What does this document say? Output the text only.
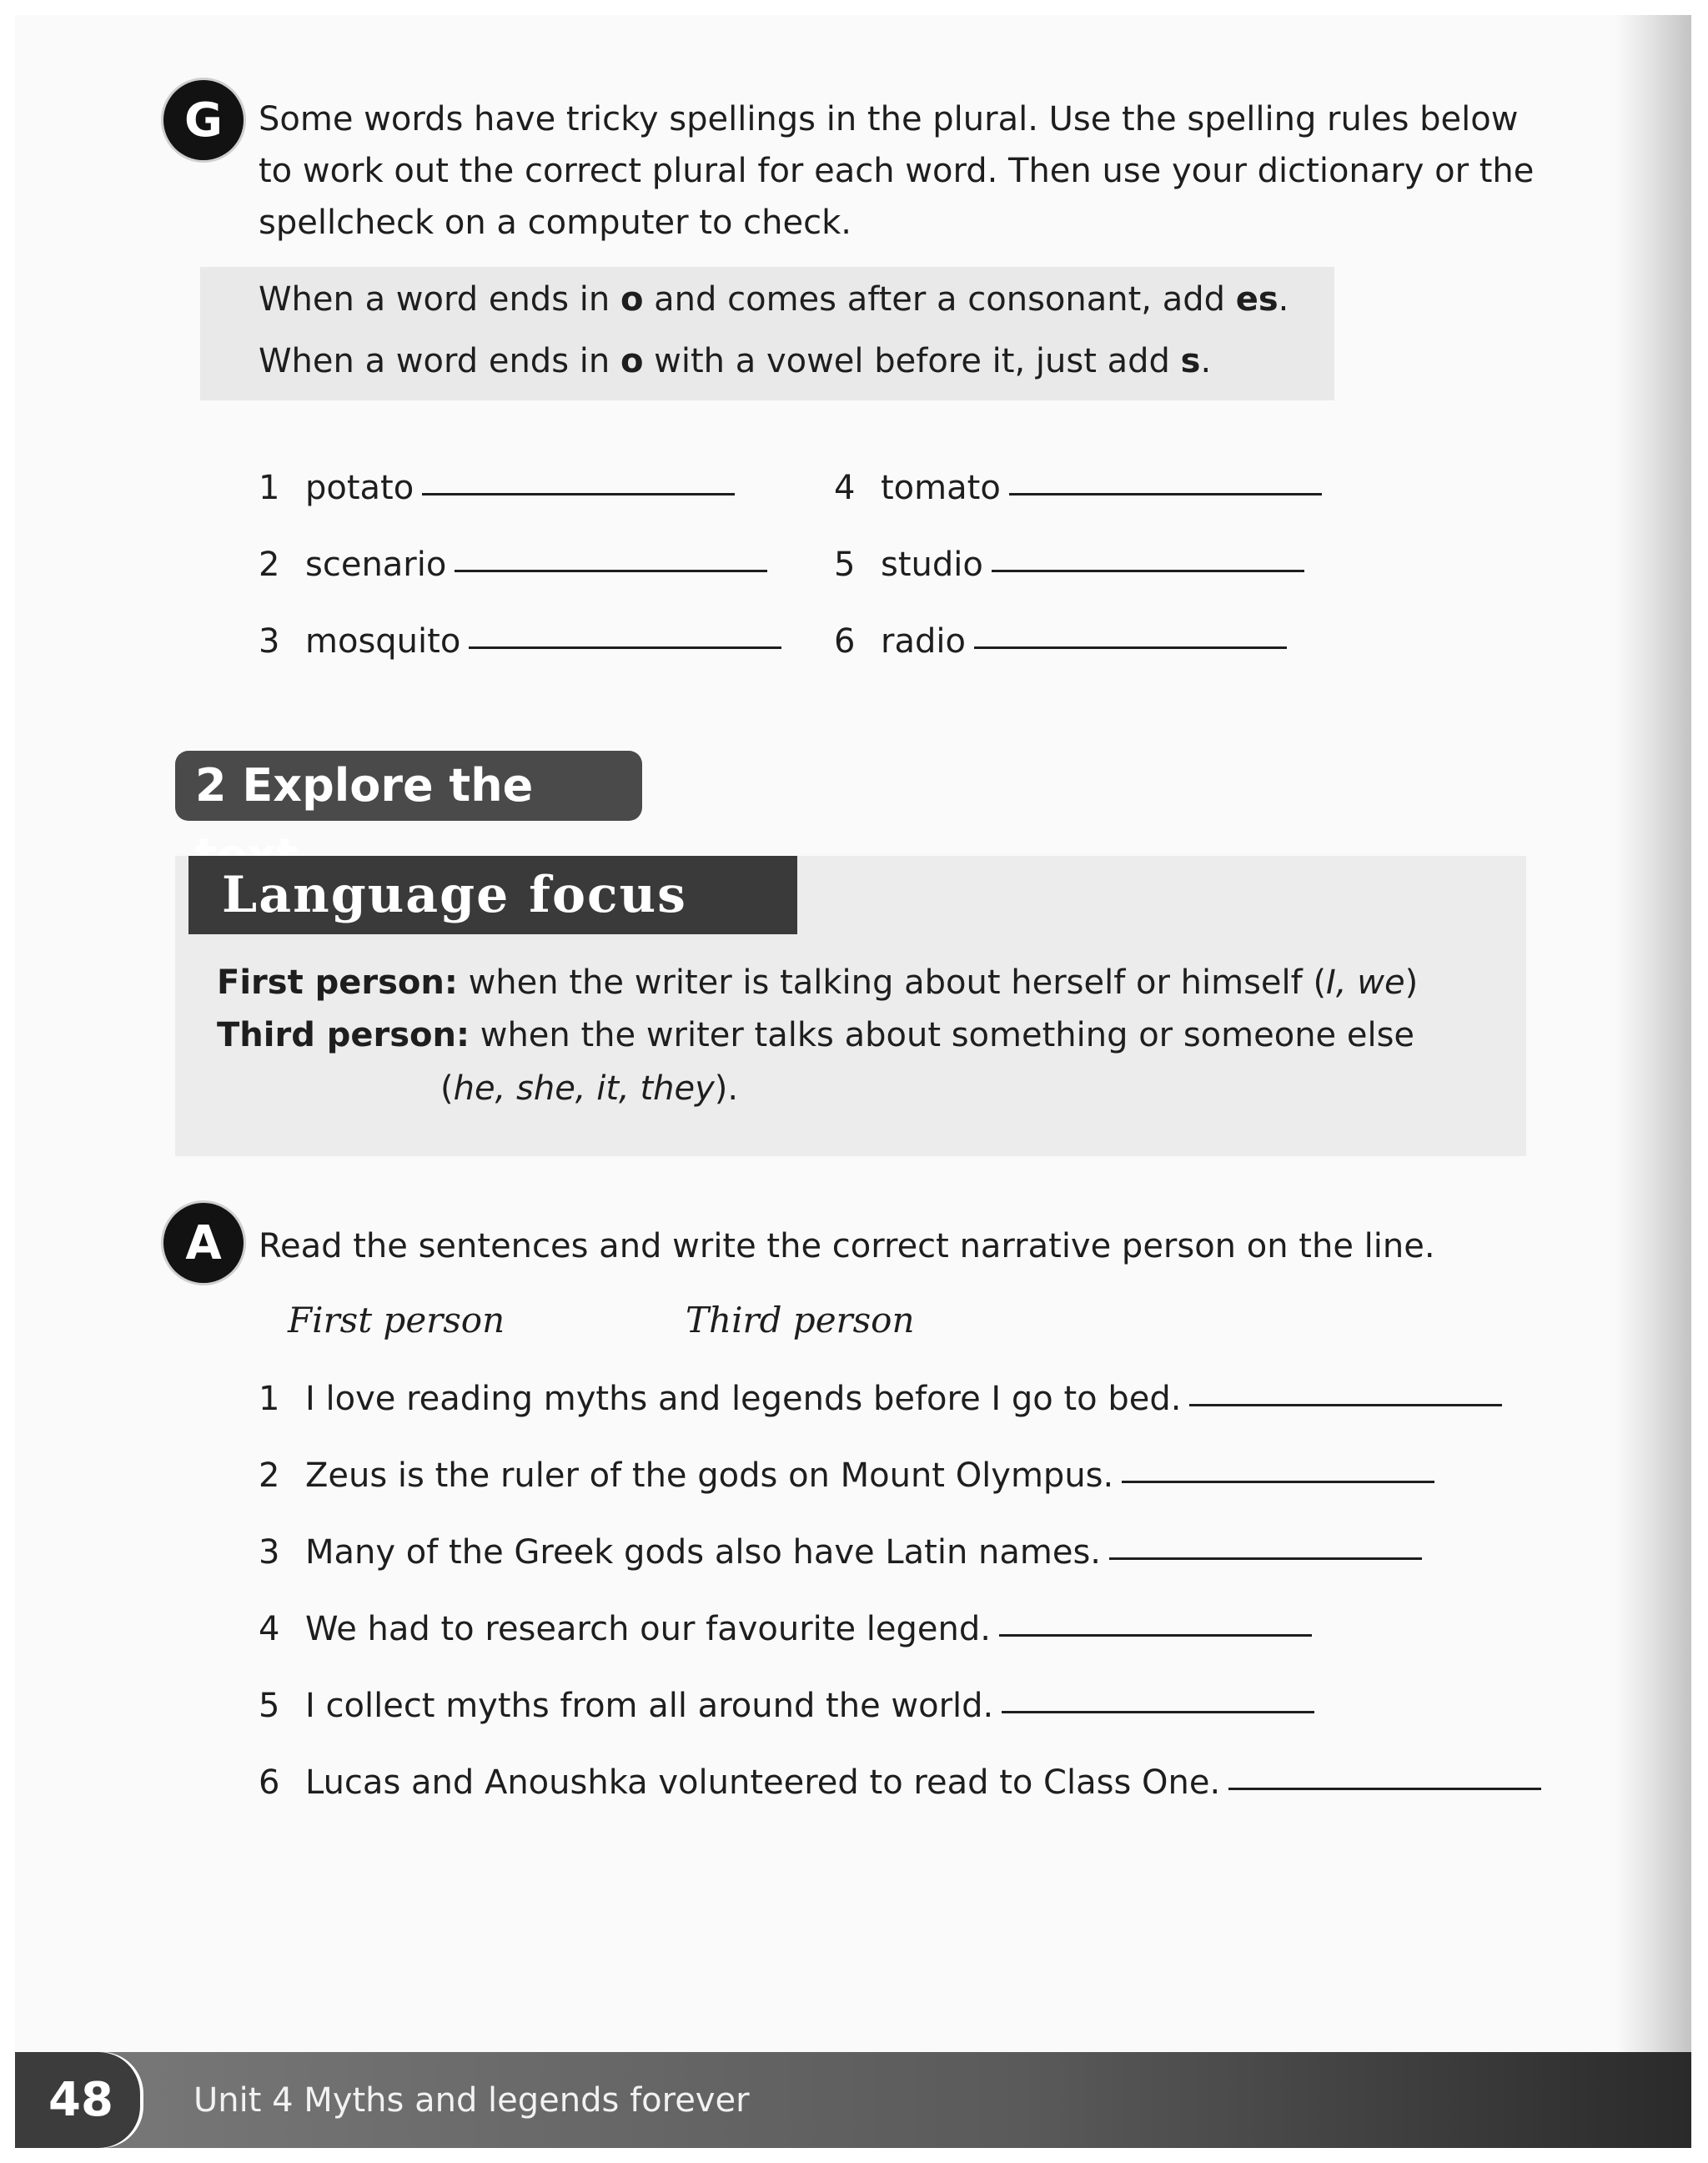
G Some words have tricky spellings in the plural. Use the spelling rules below
to work out the correct plural for each word. Then use your dictionary or the
spellcheck on a computer to check.
When a word ends in o and comes after a consonant, add es.
When a word ends in o with a vowel before it, just add s.
1 potato
2 scenario
3 mosquito
4 tomato
5 studio
6 radio
2 Explore the
Language focus
First person: when the writer is talking about herself or himself (I, we)
Third person: when the writer talks about something or someone else
(he, she, it, they).
A Read the sentences and write the correct narrative person on the line.
First person	Third person
1 I love reading myths and legends before I go to bed.
2 Zeus is the ruler of the gods on Mount Olympus.
3 Many of the Greek gods also have Latin names.
4 We had to research our favourite legend.
5 I collect myths from all around the world.
6 Lucas and Anoushka volunteered to read to Class One.
48	Unit 4 Myths and legends forever
